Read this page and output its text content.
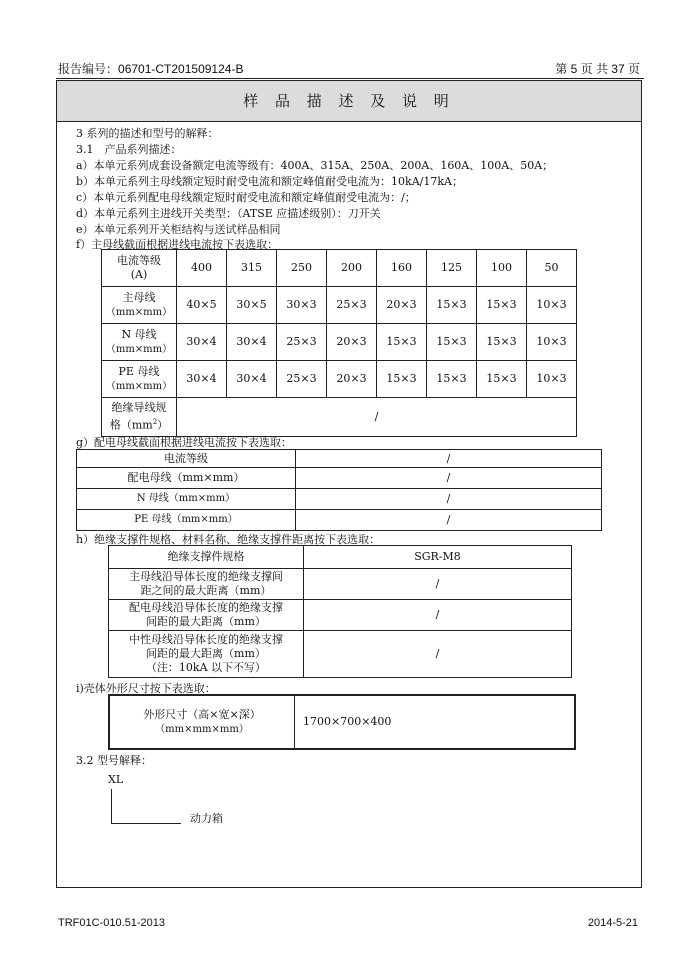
报告编号：06701-CT201509124-B	第 5 页 共 37 页
样 品 描 述 及 说 明
3 系列的描述和型号的解释：
3.1　产品系列描述：
a）本单元系列成套设备额定电流等级有：400A、315A、250A、200A、160A、100A、50A；
b）本单元系列主母线额定短时耐受电流和额定峰值耐受电流为：10kA/17kA；
c）本单元系列配电母线额定短时耐受电流和额定峰值耐受电流为：/；
d）本单元系列主进线开关类型：（ATSE 应描述级别）：刀开关
e）本单元系列开关柜结构与送试样品相同
f）主母线截面根据进线电流按下表选取：
电流等级
(A)	400	315	250	200	160	125	100	50
主母线
（mm×mm）	40×5	30×5	30×3	25×3	20×3	15×3	15×3	10×3
N 母线
（mm×mm）	30×4	30×4	25×3	20×3	15×3	15×3	15×3	10×3
PE 母线
（mm×mm）	30×4	30×4	25×3	20×3	15×3	15×3	15×3	10×3
绝缘导线规
格$(mm^2)$	/							
g）配电母线截面根据进线电流按下表选取：
电流等级	/
配电母线（mm×mm）	/
N 母线（mm×mm）	/
PE 母线（mm×mm）	/
h）绝缘支撑件规格、材料名称、绝缘支撑件距离按下表选取：
绝缘支撑件规格	SGR-M8
主母线沿导体长度的绝缘支撑间
距之间的最大距离（mm）	/
配电母线沿导体长度的绝缘支撑
间距的最大距离（mm）	/
中性母线沿导体长度的绝缘支撑
间距的最大距离（mm）
（注：10kA 以下不写）	/
i)壳体外形尺寸按下表选取：
外形尺寸（高×宽×深）
（mm×mm×mm）	1700×700×400
3.2 型号解释：
XL
动力箱
TRF01C-010.51-2013	2014-5-21
